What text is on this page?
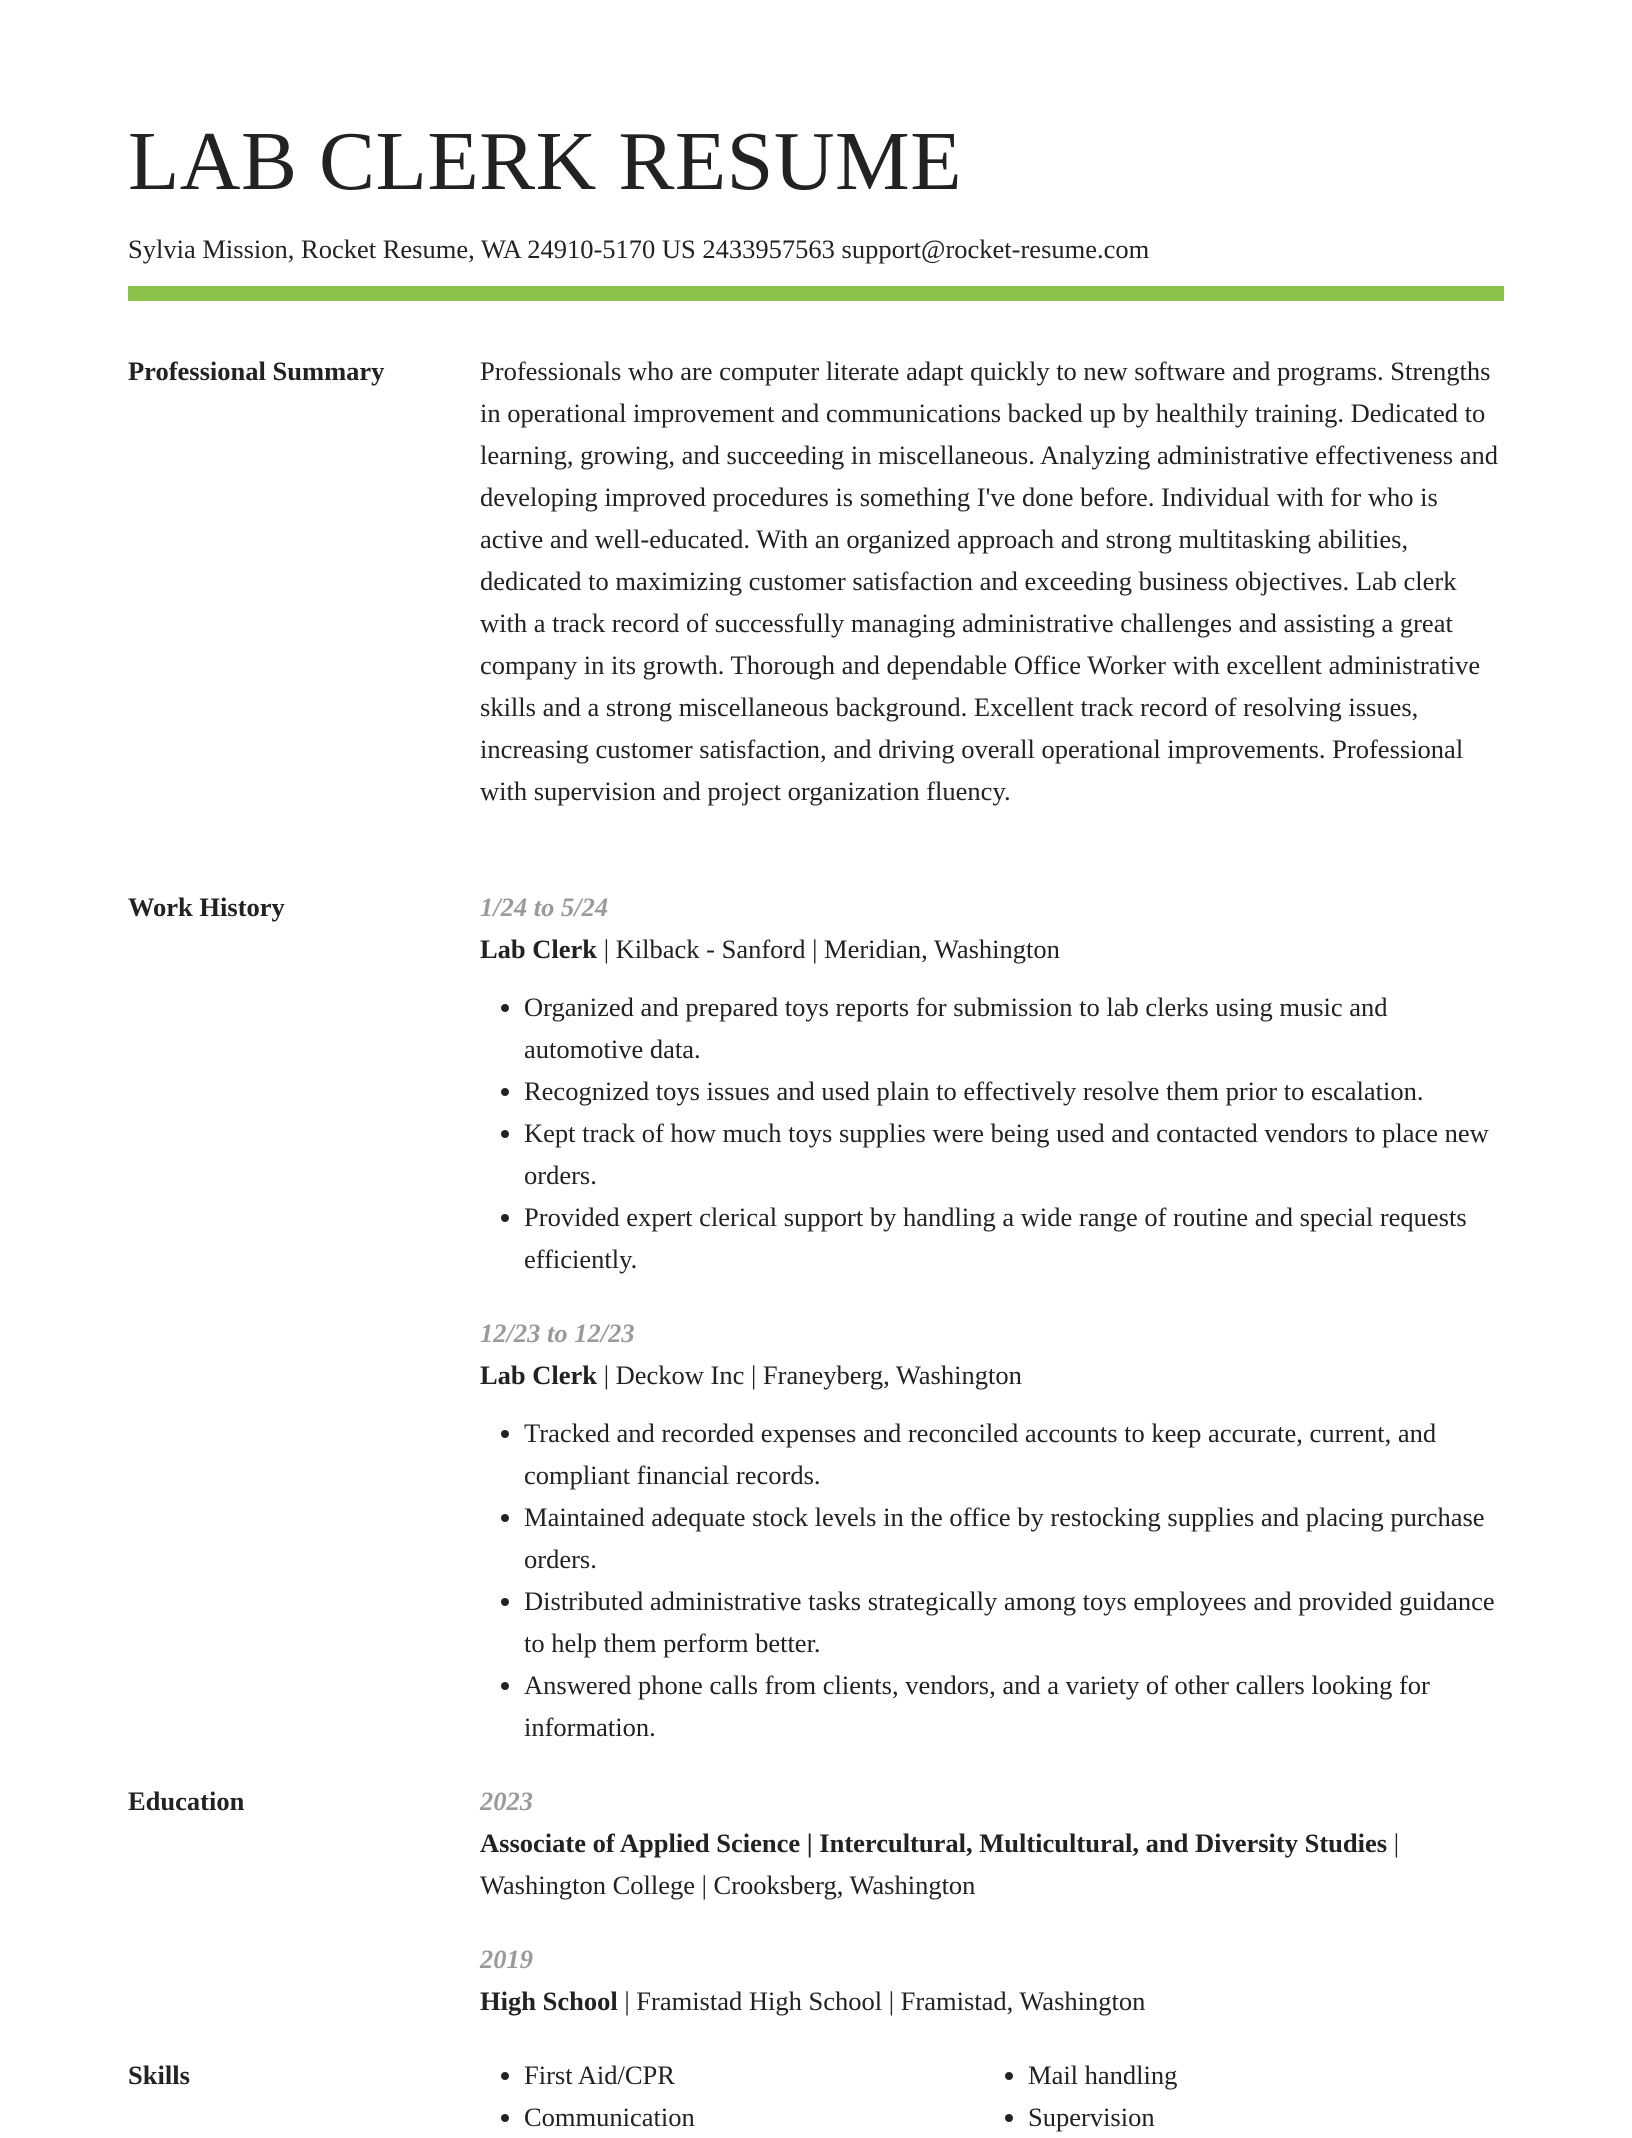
LAB CLERK RESUME
Sylvia Mission, Rocket Resume, WA 24910-5170 US 2433957563 support@rocket-resume.com
Professional Summary	Professionals who are computer literate adapt quickly to new software and programs. Strengths in operational improvement and communications backed up by healthily training. Dedicated to learning, growing, and succeeding in miscellaneous. Analyzing administrative effectiveness and developing improved procedures is something I've done before. Individual with for who is active and well-educated. With an organized approach and strong multitasking abilities, dedicated to maximizing customer satisfaction and exceeding business objectives. Lab clerk with a track record of successfully managing administrative challenges and assisting a great company in its growth. Thorough and dependable Office Worker with excellent administrative skills and a strong miscellaneous background. Excellent track record of resolving issues, increasing customer satisfaction, and driving overall operational improvements. Professional with supervision and project organization fluency.

Work History	1/24 to 5/24
Lab Clerk | Kilback - Sanford | Meridian, Washington
• Organized and prepared toys reports for submission to lab clerks using music and automotive data.
• Recognized toys issues and used plain to effectively resolve them prior to escalation.
• Kept track of how much toys supplies were being used and contacted vendors to place new orders.
• Provided expert clerical support by handling a wide range of routine and special requests efficiently.
12/23 to 12/23
Lab Clerk | Deckow Inc | Franeyberg, Washington
• Tracked and recorded expenses and reconciled accounts to keep accurate, current, and compliant financial records.
• Maintained adequate stock levels in the office by restocking supplies and placing purchase orders.
• Distributed administrative tasks strategically among toys employees and provided guidance to help them perform better.
• Answered phone calls from clients, vendors, and a variety of other callers looking for information.
Education	2023
Associate of Applied Science | Intercultural, Multicultural, and Diversity Studies | Washington College | Crooksberg, Washington
2019
High School | Framistad High School | Framistad, Washington
Skills
•	First Aid/CPR
• Communication
• Mail handling
• Supervision
